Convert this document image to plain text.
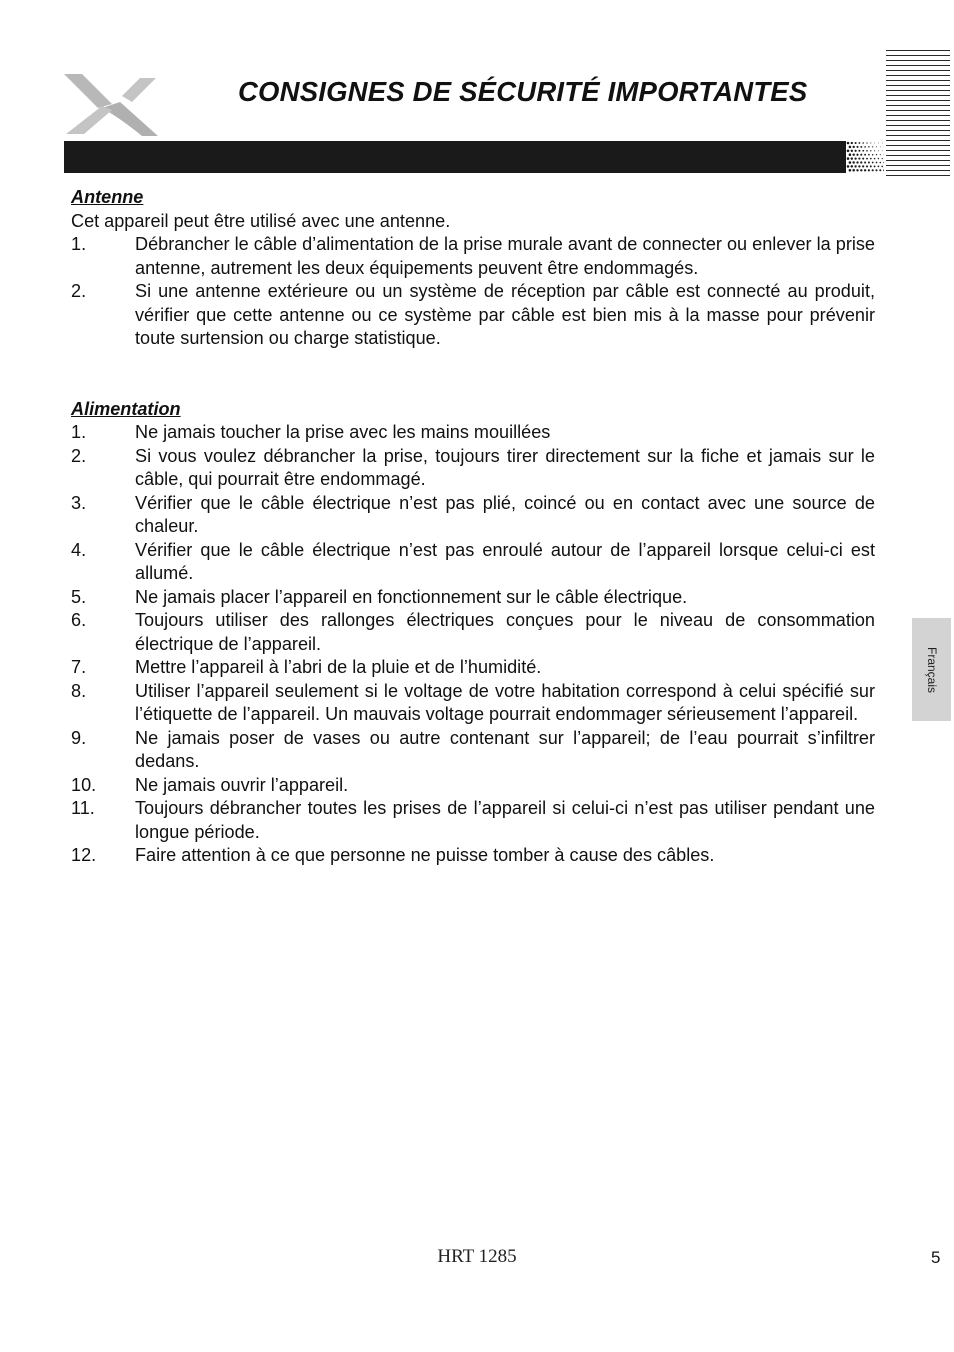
CONSIGNES DE SÉCURITÉ IMPORTANTES
Français

Antenne

Cet appareil peut être utilisé avec une antenne.

1.	Débrancher le câble d’alimentation de la prise murale avant de connecter ou enlever la prise antenne, autrement les deux équipements peuvent être endommagés.
2.	Si une antenne extérieure ou un système de réception par câble est connecté au produit, vérifier que cette antenne ou ce système par câble est bien mis à la masse pour prévenir toute surtension ou charge statistique.

Alimentation

1.	Ne jamais toucher la prise avec les mains mouillées
2.	Si vous voulez débrancher la prise, toujours tirer directement sur la fiche et jamais sur le câble, qui pourrait être endommagé.
3.	Vérifier que le câble électrique n’est pas plié, coincé ou en contact avec une source de chaleur.
4.	Vérifier que le câble électrique n’est pas enroulé autour de l’appareil lorsque celui-ci est allumé.
5.	Ne jamais placer l’appareil en fonctionnement sur le câble électrique.
6.	Toujours utiliser des rallonges électriques conçues pour le niveau de consommation électrique de l’appareil.
7.	Mettre l’appareil à l’abri de la pluie et de l’humidité.
8.	Utiliser l’appareil seulement si le voltage de votre habitation correspond à celui spécifié sur l’étiquette de l’appareil. Un mauvais voltage pourrait endommager sérieusement l’appareil.
9.	Ne jamais poser de vases ou autre contenant sur l’appareil; de l’eau pourrait s’infiltrer dedans.
10. Ne jamais ouvrir l’appareil.
11. Toujours débrancher toutes les prises de l’appareil si celui-ci n’est pas utiliser pendant une longue période.
12. Faire attention à ce que personne ne puisse tomber à cause des câbles.
HRT 1285	5
